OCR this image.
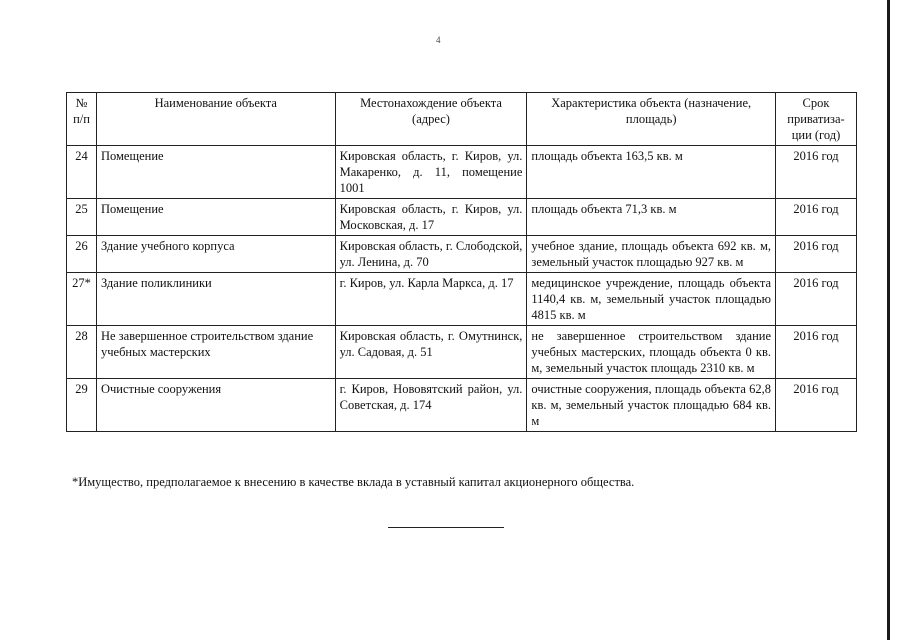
4
№ п/п	Наименование объекта	Местонахождение объекта (адрес)	Характеристика объекта (назначение, площадь)	Срок приватиза-ции (год)
24	Помещение	Кировская область, г. Киров, ул. Макаренко, д. 11, помещение 1001	площадь объекта 163,5 кв. м	2016 год
25	Помещение	Кировская область, г. Киров, ул. Московская, д. 17	площадь объекта 71,3 кв. м	2016 год
26	Здание учебного корпуса	Кировская область, г. Слободской, ул. Ленина, д. 70	учебное здание, площадь объекта 692 кв. м, земельный участок площадью 927 кв. м	2016 год
27*	Здание поликлиники	г. Киров, ул. Карла Маркса, д. 17	медицинское учреждение, площадь объекта 1140,4 кв. м, земельный участок площадью 4815 кв. м	2016 год
28	Не завершенное строительством здание учебных мастерских	Кировская область, г. Омутнинск, ул. Садовая, д. 51	не завершенное строительством здание учебных мастерских, площадь объекта 0 кв. м, земельный участок площадь 2310 кв. м	2016 год
29	Очистные сооружения	г. Киров, Нововятский район, ул. Советская, д. 174	очистные сооружения, площадь объекта 62,8 кв. м, земельный участок площадью 684 кв. м	2016 год
*Имущество, предполагаемое к внесению в качестве вклада в уставный капитал акционерного общества.
